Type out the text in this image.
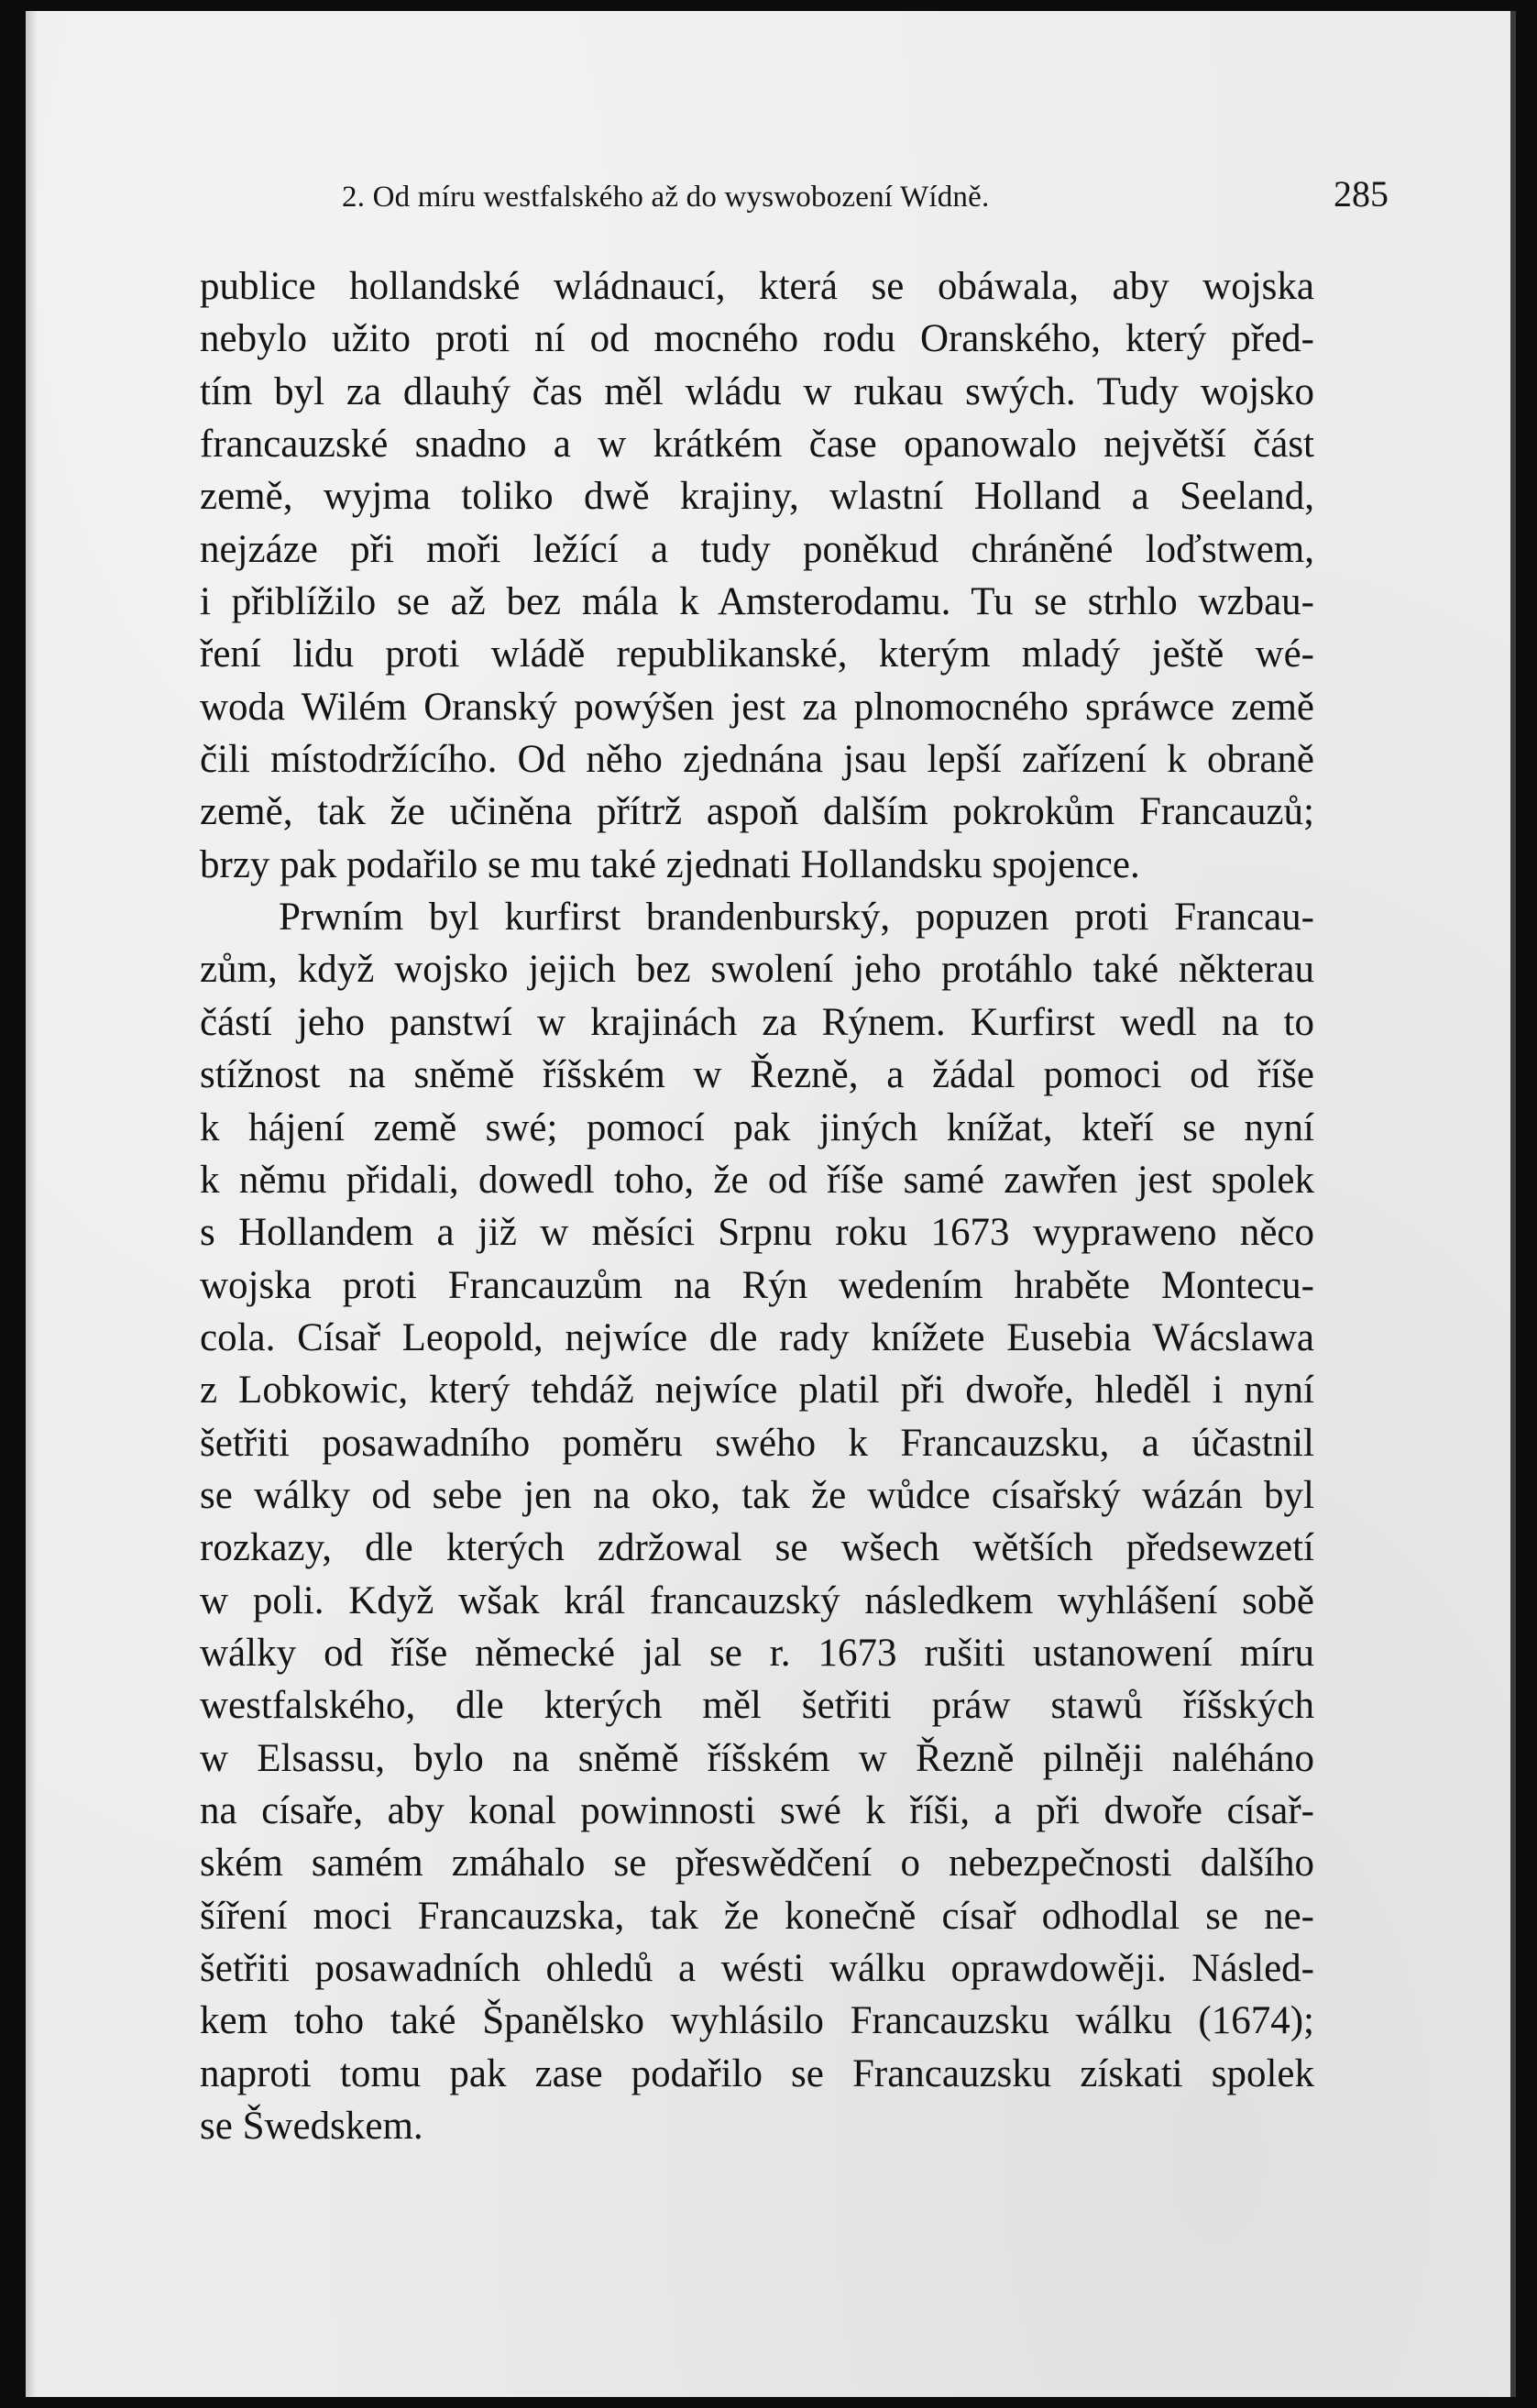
2. Od míru westfalského až do wyswobození Wídně.	285
publice hollandské wládnaucí, která se obáwala, aby wojska
nebylo užito proti ní od mocného rodu Oranského, který před-
tím byl za dlauhý čas měl wládu w rukau swých. Tudy wojsko
francauzské snadno a w krátkém čase opanowalo největší část
země, wyjma toliko dwě krajiny, wlastní Holland a Seeland,
nejzáze při moři ležící a tudy poněkud chráněné loďstwem,
i přiblížilo se až bez mála k Amsterodamu. Tu se strhlo wzbau-
ření lidu proti wládě republikanské, kterým mladý ještě wé-
woda Wilém Oranský powýšen jest za plnomocného spráwce země
čili místodržícího. Od něho zjednána jsau lepší zařízení k obraně
země, tak že učiněna přítrž aspoň dalším pokrokům Francauzů;
brzy pak podařilo se mu také zjednati Hollandsku spojence.
Prwním byl kurfirst brandenburský, popuzen proti Francau-
zům, když wojsko jejich bez swolení jeho protáhlo také některau
částí jeho panstwí w krajinách za Rýnem. Kurfirst wedl na to
stížnost na sněmě říšském w Řezně, a žádal pomoci od říše
k hájení země swé; pomocí pak jiných knížat, kteří se nyní
k němu přidali, dowedl toho, že od říše samé zawřen jest spolek
s Hollandem a již w měsíci Srpnu roku 1673 wypraweno něco
wojska proti Francauzům na Rýn wedením hraběte Montecu-
cola. Císař Leopold, nejwíce dle rady knížete Eusebia Wácslawa
z Lobkowic, který tehdáž nejwíce platil při dwoře, hleděl i nyní
šetřiti posawadního poměru swého k Francauzsku, a účastnil
se wálky od sebe jen na oko, tak že wůdce císařský wázán byl
rozkazy, dle kterých zdržowal se wšech wětších předsewzetí
w poli. Když wšak král francauzský následkem wyhlášení sobě
wálky od říše německé jal se r. 1673 rušiti ustanowení míru
westfalského, dle kterých měl šetřiti práw stawů říšských
w Elsassu, bylo na sněmě říšském w Řezně pilněji naléháno
na císaře, aby konal powinnosti swé k říši, a při dwoře císař-
ském samém zmáhalo se přeswědčení o nebezpečnosti dalšího
šíření moci Francauzska, tak že konečně císař odhodlal se ne-
šetřiti posawadních ohledů a wésti wálku oprawdowěji. Násled-
kem toho také Španělsko wyhlásilo Francauzsku wálku (1674);
naproti tomu pak zase podařilo se Francauzsku získati spolek
se Šwedskem.
